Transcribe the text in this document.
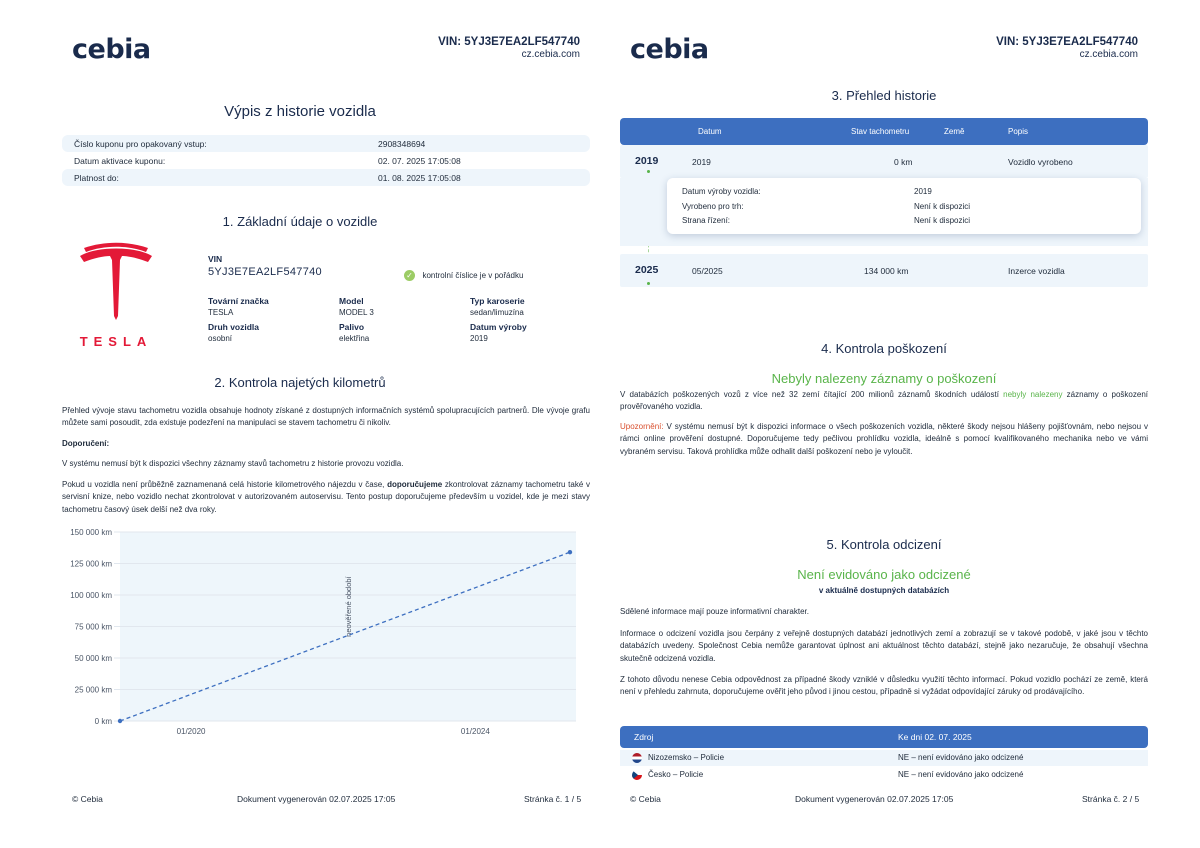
cebia	VIN: 5YJ3E7EA2LF547740
cz.cebia.com
Výpis z historie vozidla
Číslo kuponu pro opakovaný vstup:	2908348694
Datum aktivace kuponu:	02. 07. 2025 17:05:08
Platnost do:	01. 08. 2025 17:05:08
1. Základní údaje o vozidle
TESLA
VIN
5YJ3E7EA2LF547740	✓ kontrolní číslice je v pořádku
Tovární značka
TESLA
Model
MODEL 3
Typ karoserie
sedan/limuzína
Druh vozidla
osobní
Palivo
elektřina
Datum výroby
2019
2. Kontrola najetých kilometrů
Přehled vývoje stavu tachometru vozidla obsahuje hodnoty získané z dostupných informačních systémů spolupracujících partnerů. Dle vývoje grafu můžete sami posoudit, zda existuje podezření na manipulaci se stavem tachometru či nikoliv.
Doporučení:
V systému nemusí být k dispozici všechny záznamy stavů tachometru z historie provozu vozidla.
Pokud u vozidla není průběžně zaznamenaná celá historie kilometrového nájezdu v čase, doporučujeme zkontrolovat záznamy tachometru také v servisní knize, nebo vozidlo nechat zkontrolovat v autorizovaném autoservisu. Tento postup doporučujeme především u vozidel, kde je mezi stavy tachometru časový úsek delší než dva roky.
0 km
25 000 km
50 000 km
75 000 km
100 000 km
125 000 km
150 000 km
01/2020	01/2024
neověřené období
© Cebia	Dokument vygenerován 02.07.2025 17:05	Stránka č. 1 / 5
cebia	VIN: 5YJ3E7EA2LF547740
cz.cebia.com
3. Přehled historie
Datum	Stav tachometru	Země	Popis
2019	2019	0 km	Vozidlo vyrobeno
Datum výroby vozidla:	2019
Vyrobeno pro trh:	Není k dispozici
Strana řízení:	Není k dispozici
2025	05/2025	134 000 km	Inzerce vozidla
4. Kontrola poškození
Nebyly nalezeny záznamy o poškození
V databázích poškozených vozů z více než 32 zemí čítající 200 milionů záznamů škodních událostí nebyly nalezeny záznamy o poškození prověřovaného vozidla.
Upozornění: V systému nemusí být k dispozici informace o všech poškozeních vozidla, některé škody nejsou hlášeny pojišťovnám, nebo nejsou v rámci online prověření dostupné. Doporučujeme tedy pečlivou prohlídku vozidla, ideálně s pomocí kvalifikovaného mechanika nebo ve vámi vybraném servisu. Taková prohlídka může odhalit další poškození nebo je vyloučit.
5. Kontrola odcizení
Není evidováno jako odcizené
v aktuálně dostupných databázích
Sdělené informace mají pouze informativní charakter.
Informace o odcizení vozidla jsou čerpány z veřejně dostupných databází jednotlivých zemí a zobrazují se v takové podobě, v jaké jsou v těchto databázích uvedeny. Společnost Cebia nemůže garantovat úplnost ani aktuálnost těchto databází, stejně jako nezaručuje, že obsahují všechna skutečně odcizená vozidla.
Z tohoto důvodu nenese Cebia odpovědnost za případné škody vzniklé v důsledku využití těchto informací. Pokud vozidlo pochází ze země, která není v přehledu zahrnuta, doporučujeme ověřit jeho původ i jinou cestou, případně si vyžádat odpovídající záruky od prodávajícího.
Zdroj	Ke dni 02. 07. 2025
Nizozemsko – Policie	NE – není evidováno jako odcizené
Česko – Policie	NE – není evidováno jako odcizené
© Cebia	Dokument vygenerován 02.07.2025 17:05	Stránka č. 2 / 5
